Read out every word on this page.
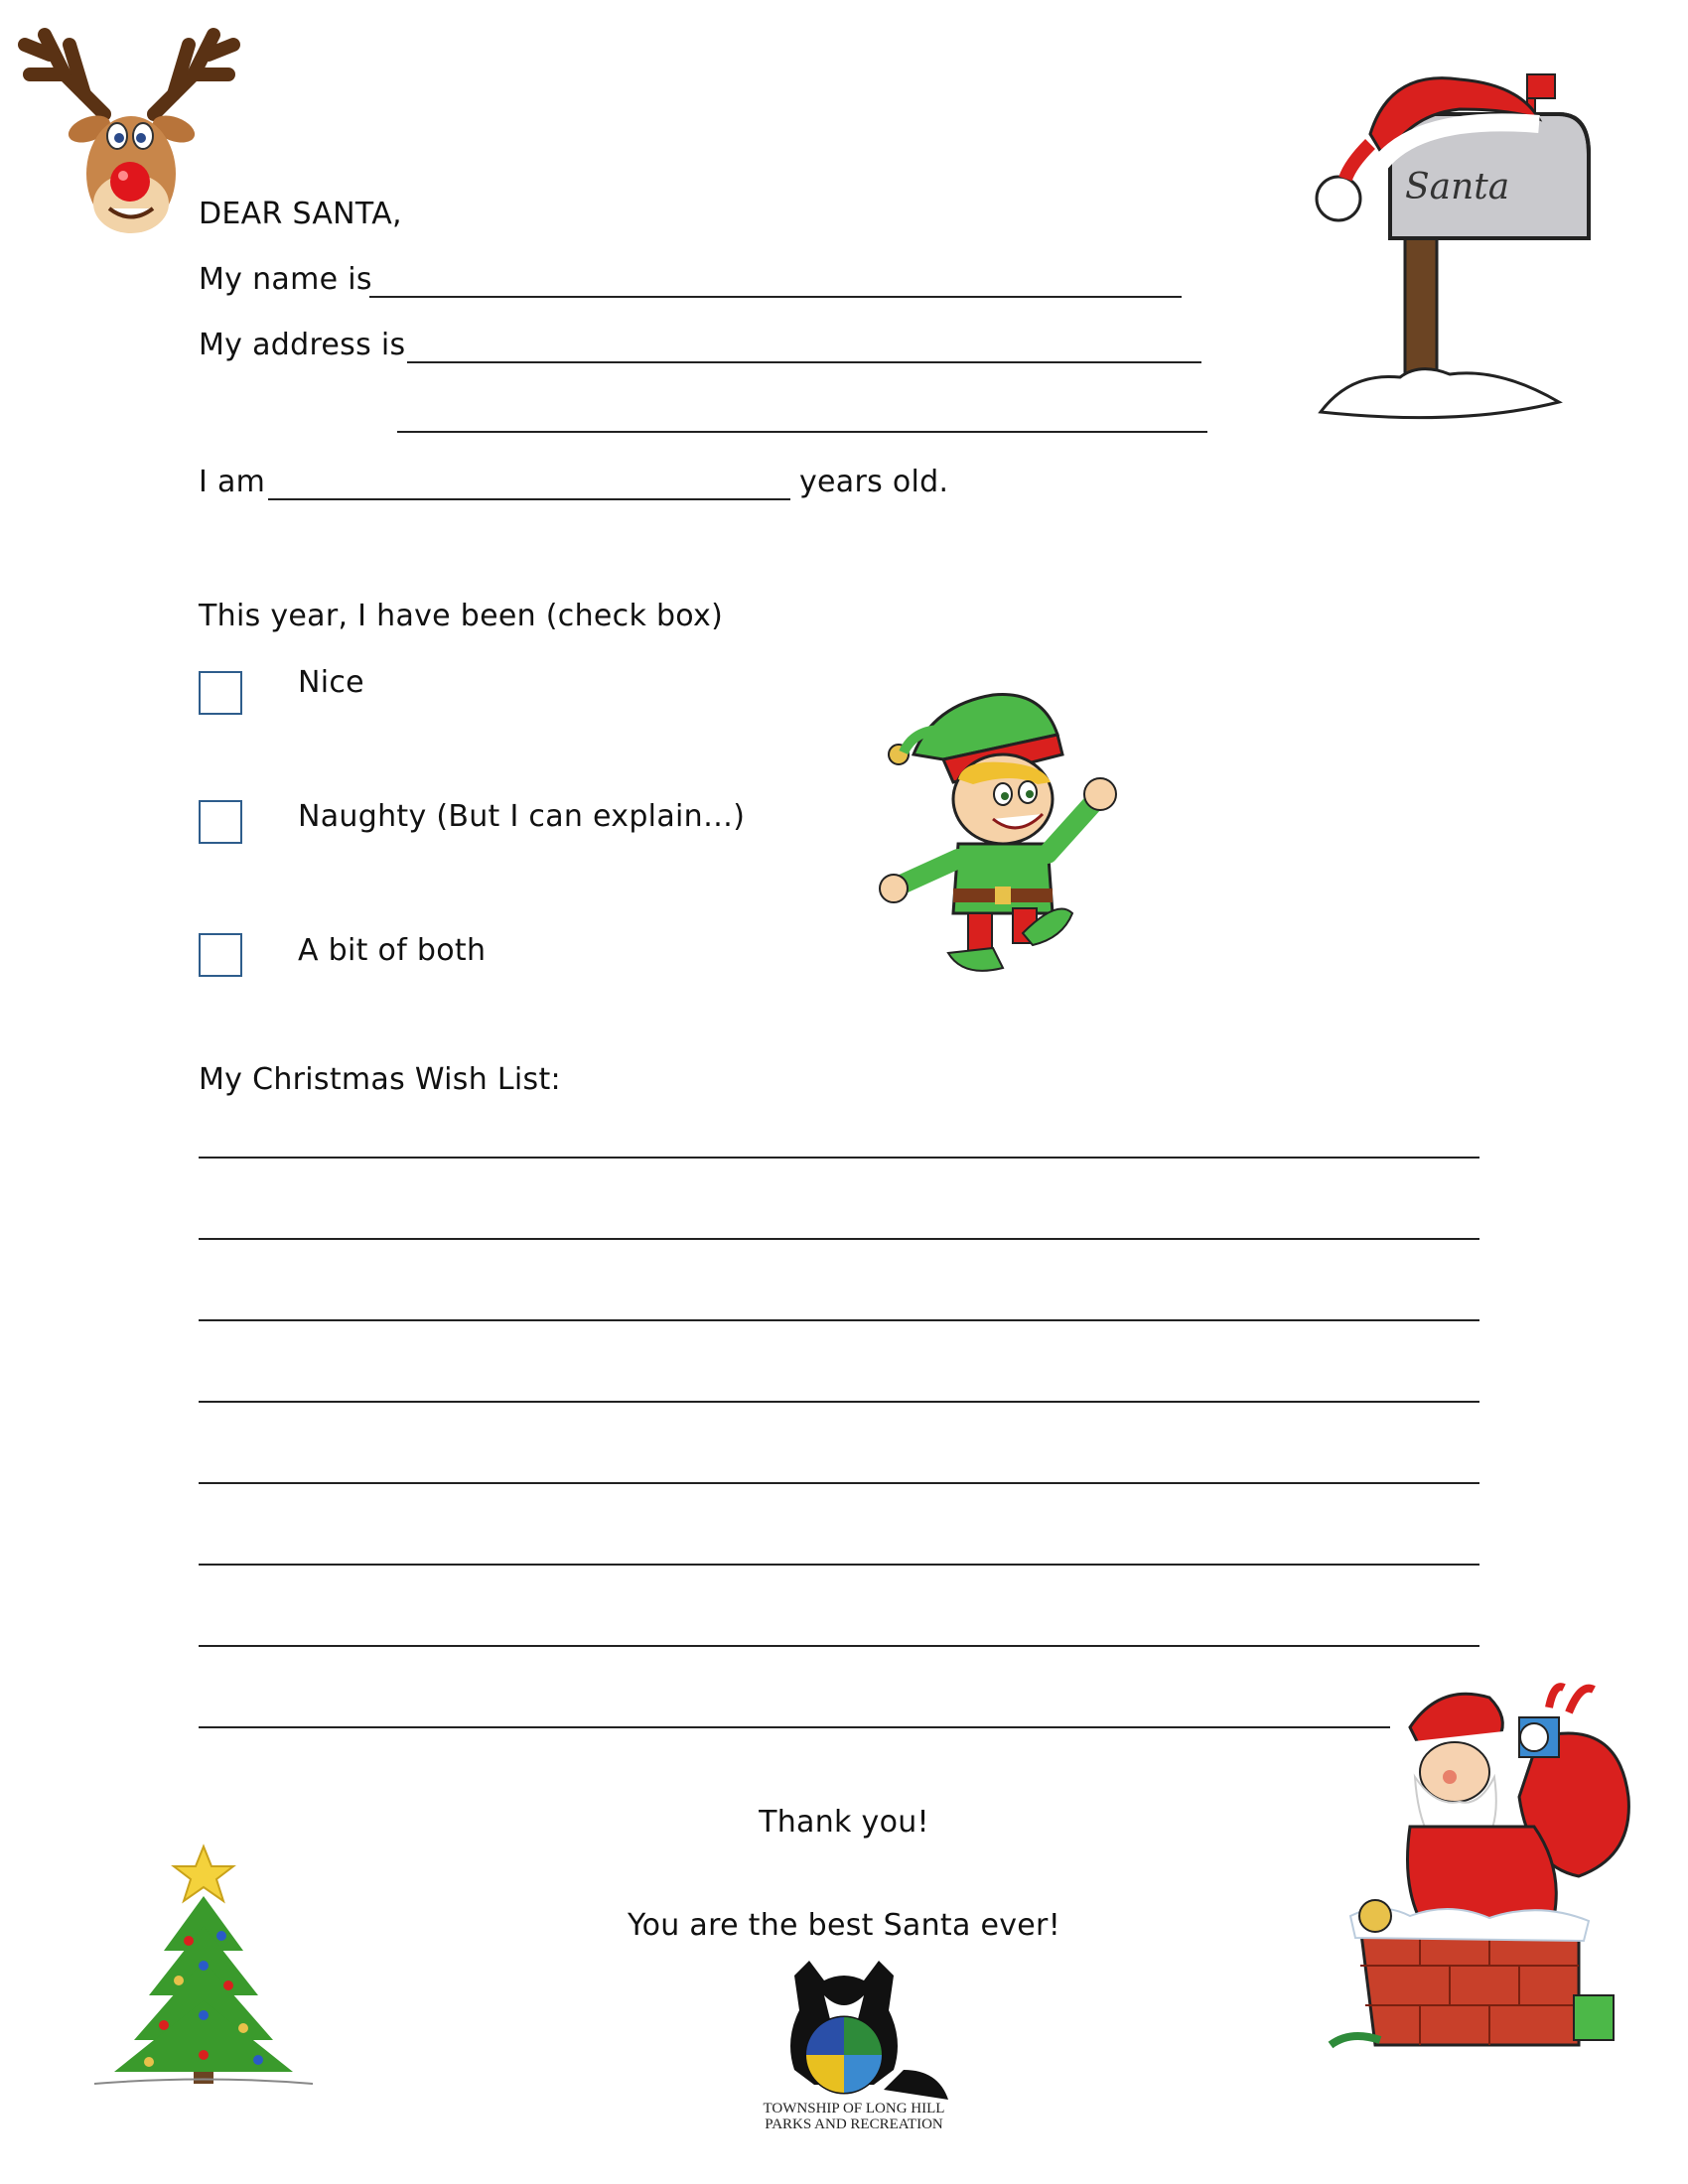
Santa
DEAR SANTA,
My name is
My address is
I am	years old.
This year, I have been (check box)
Nice
Naughty (But I can explain…)
A bit of both
My Christmas Wish List:
Thank you!
You are the best Santa ever!
TOWNSHIP OF LONG HILL
PARKS AND RECREATION
